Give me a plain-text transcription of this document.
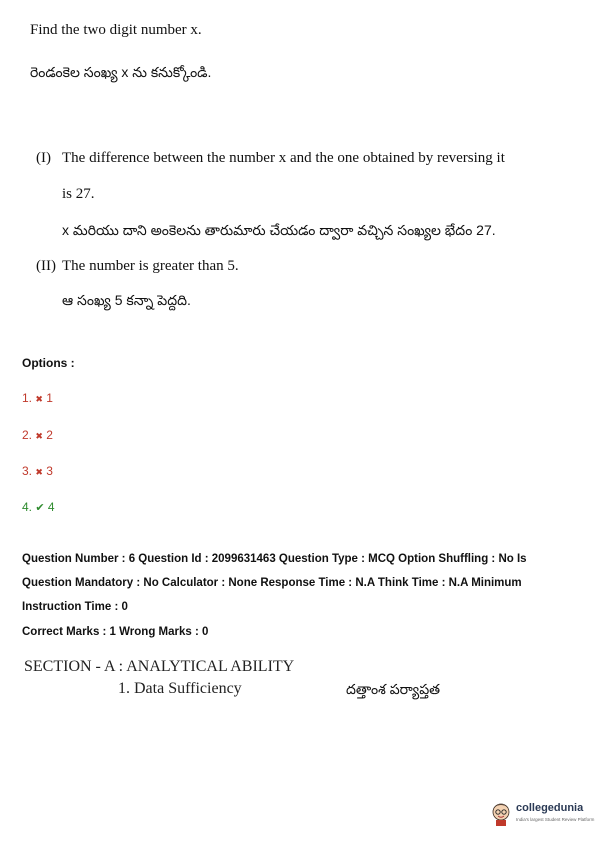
Find the two digit number x.
రెండంకెల సంఖ్య x ను కనుక్కోండి.
(I) The difference between the number x and the one obtained by reversing it
is 27.
x మరియు దాని అంకెలను తారుమారు చేయడం ద్వారా వచ్చిన సంఖ్యల భేదం 27.
(II) The number is greater than 5.
ఆ సంఖ్య 5 కన్నా పెద్దది.
Options :
1. ✖ 1
2. ✖ 2
3. ✖ 3
4. ✔ 4
Question Number : 6 Question Id : 2099631463 Question Type : MCQ Option Shuffling : No Is
Question Mandatory : No Calculator : None Response Time : N.A Think Time : N.A Minimum
Instruction Time : 0
Correct Marks : 1 Wrong Marks : 0
SECTION - A : ANALYTICAL ABILITY
1. Data Sufficiency	దత్తాంశ పర్యాప్తత
collegedunia
India's largest Student Review Platform
